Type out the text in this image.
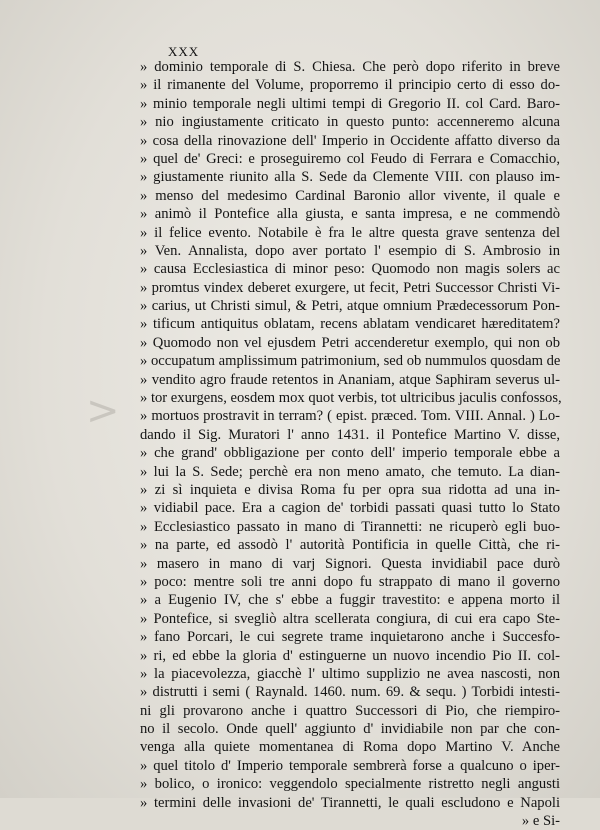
XXX
>
» dominio temporale di S. Chiesa. Che però dopo riferito in breve
» il rimanente del Volume, proporremo il principio certo di esso do-
» minio temporale negli ultimi tempi di Gregorio II. col Card. Baro-
» nio ingiustamente criticato in questo punto: accenneremo alcuna
» cosa della rinovazione dell' Imperio in Occidente affatto diverso da
» quel de' Greci: e proseguiremo col Feudo di Ferrara e Comacchio,
» giustamente riunito alla S. Sede da Clemente VIII. con plauso im-
» menso del medesimo Cardinal Baronio allor vivente, il quale e
» animò il Pontefice alla giusta, e santa impresa, e ne commendò
» il felice evento. Notabile è fra le altre questa grave sentenza del
» Ven. Annalista, dopo aver portato l' esempio di S. Ambrosio in
» causa Ecclesiastica di minor peso: Quomodo non magis solers ac
» promtus vindex deberet exurgere, ut fecit, Petri Successor Christi Vi-
» carius, ut Christi simul, & Petri, atque omnium Prædecessorum Pon-
» tificum antiquitus oblatam, recens ablatam vendicaret hæreditatem?
» Quomodo non vel ejusdem Petri accenderetur exemplo, qui non ob
» occupatum amplissimum patrimonium, sed ob nummulos quosdam de
» vendito agro fraude retentos in Ananiam, atque Saphiram severus ul-
» tor exurgens, eosdem mox quot verbis, tot ultricibus jaculis confossos,
» mortuos prostravit in terram? ( epist. præced. Tom. VIII. Annal. ) Lo-
dando il Sig. Muratori l' anno 1431. il Pontefice Martino V. disse,
» che grand' obbligazione per conto dell' imperio temporale ebbe a
» lui la S. Sede; perchè era non meno amato, che temuto. La dian-
» zi sì inquieta e divisa Roma fu per opra sua ridotta ad una in-
» vidiabil pace. Era a cagion de' torbidi passati quasi tutto lo Stato
» Ecclesiastico passato in mano di Tirannetti: ne ricuperò egli buo-
» na parte, ed assodò l' autorità Pontificia in quelle Città, che ri-
» masero in mano di varj Signori. Questa invidiabil pace durò
» poco: mentre soli tre anni dopo fu strappato di mano il governo
» a Eugenio IV, che s' ebbe a fuggir travestito: e appena morto il
» Pontefice, si svegliò altra scellerata congiura, di cui era capo Ste-
» fano Porcari, le cui segrete trame inquietarono anche i Succesfo-
» ri, ed ebbe la gloria d' estinguerne un nuovo incendio Pio II. col-
» la piacevolezza, giacchè l' ultimo supplizio ne avea nascosti, non
» distrutti i semi ( Raynald. 1460. num. 69. & sequ. ) Torbidi intesti-
ni gli provarono anche i quattro Successori di Pio, che riempiro-
no il secolo. Onde quell' aggiunto d' invidiabile non par che con-
venga alla quiete momentanea di Roma dopo Martino V. Anche
» quel titolo d' Imperio temporale sembrerà forse a qualcuno o iper-
» bolico, o ironico: veggendolo specialmente ristretto negli angusti
» termini delle invasioni de' Tirannetti, le quali escludono e Napoli
» e Si-
